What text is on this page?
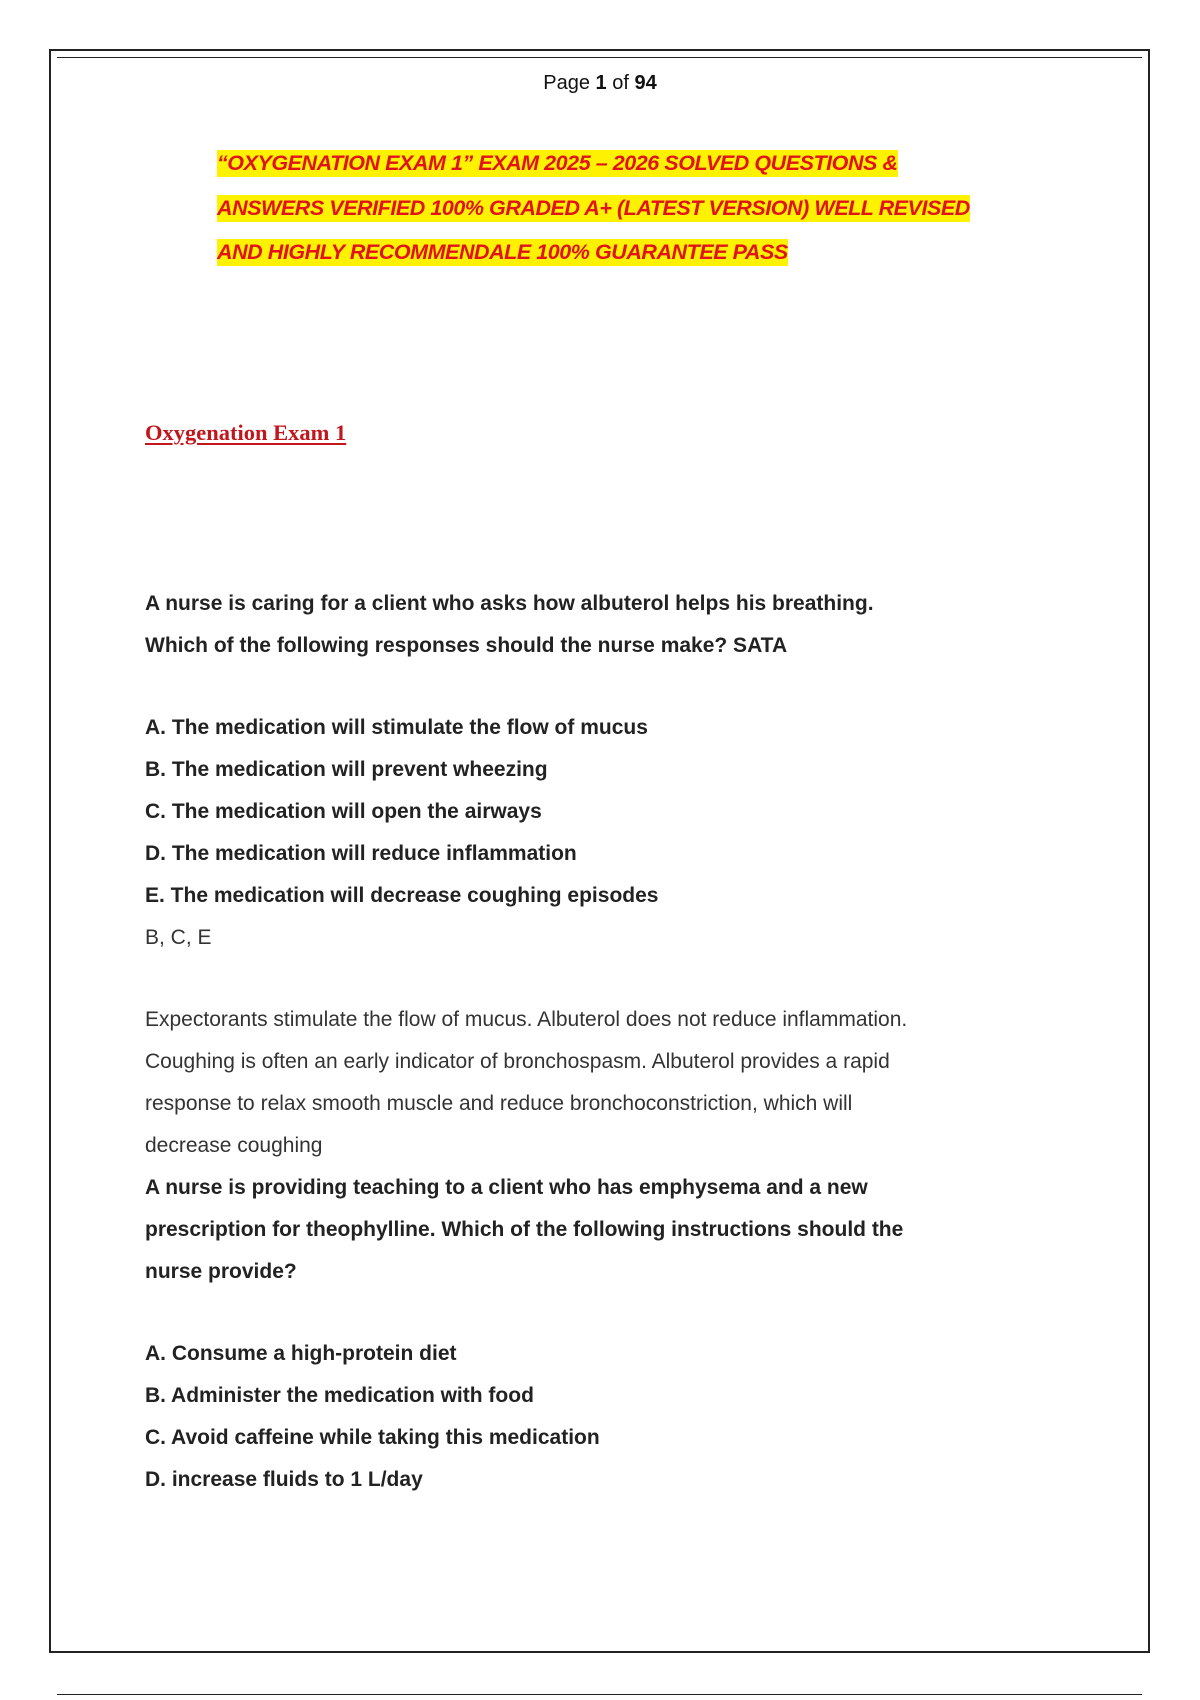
Page 1 of 94
“OXYGENATION EXAM 1” EXAM 2025 – 2026 SOLVED QUESTIONS &
ANSWERS VERIFIED 100% GRADED A+ (LATEST VERSION) WELL REVISED
AND HIGHLY RECOMMENDALE 100% GUARANTEE PASS
Oxygenation Exam 1
A nurse is caring for a client who asks how albuterol helps his breathing.
Which of the following responses should the nurse make? SATA
A. The medication will stimulate the flow of mucus
B. The medication will prevent wheezing
C. The medication will open the airways
D. The medication will reduce inflammation
E. The medication will decrease coughing episodes
B, C, E
Expectorants stimulate the flow of mucus. Albuterol does not reduce inflammation.
Coughing is often an early indicator of bronchospasm. Albuterol provides a rapid
response to relax smooth muscle and reduce bronchoconstriction, which will
decrease coughing
A nurse is providing teaching to a client who has emphysema and a new
prescription for theophylline. Which of the following instructions should the
nurse provide?
A. Consume a high-protein diet
B. Administer the medication with food
C. Avoid caffeine while taking this medication
D. increase fluids to 1 L/day
